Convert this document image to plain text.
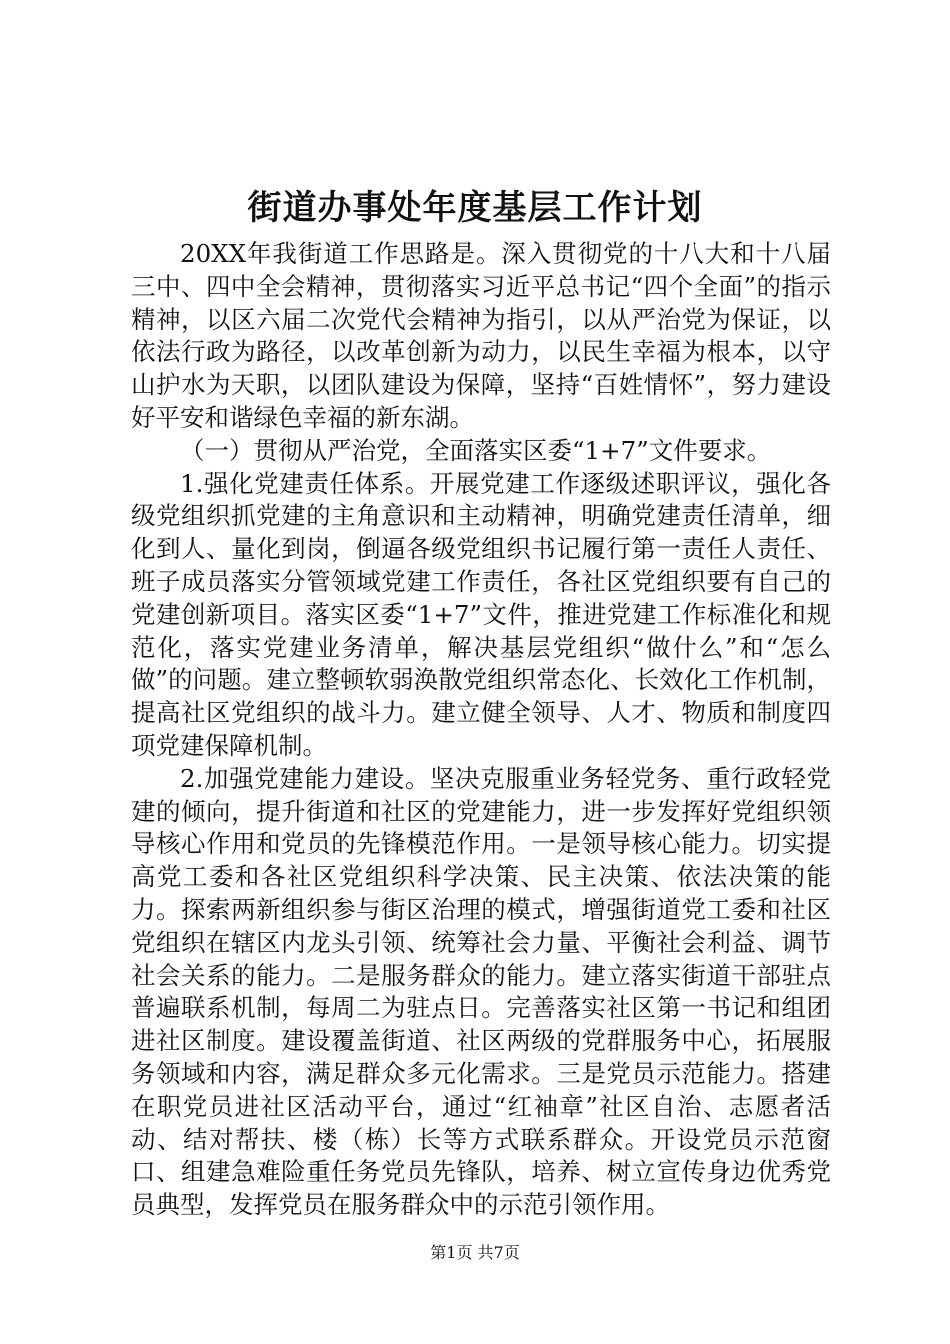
街道办事处年度基层工作计划

20XX年我街道工作思路是。深入贯彻党的十八大和十八届三中、四中全会精神，贯彻落实习近平总书记“四个全面”的指示精神，以区六届二次党代会精神为指引，以从严治党为保证，以依法行政为路径，以改革创新为动力，以民生幸福为根本，以守山护水为天职，以团队建设为保障，坚持“百姓情怀”，努力建设好平安和谐绿色幸福的新东湖。

（一）贯彻从严治党，全面落实区委“1+7”文件要求。

1.强化党建责任体系。开展党建工作逐级述职评议，强化各级党组织抓党建的主角意识和主动精神，明确党建责任清单，细化到人、量化到岗，倒逼各级党组织书记履行第一责任人责任、班子成员落实分管领域党建工作责任，各社区党组织要有自己的党建创新项目。落实区委“1+7”文件，推进党建工作标准化和规范化，落实党建业务清单，解决基层党组织“做什么”和“怎么做”的问题。建立整顿软弱涣散党组织常态化、长效化工作机制，提高社区党组织的战斗力。建立健全领导、人才、物质和制度四项党建保障机制。

2.加强党建能力建设。坚决克服重业务轻党务、重行政轻党建的倾向，提升街道和社区的党建能力，进一步发挥好党组织领导核心作用和党员的先锋模范作用。一是领导核心能力。切实提高党工委和各社区党组织科学决策、民主决策、依法决策的能力。探索两新组织参与街区治理的模式，增强街道党工委和社区党组织在辖区内龙头引领、统筹社会力量、平衡社会利益、调节社会关系的能力。二是服务群众的能力。建立落实街道干部驻点普遍联系机制，每周二为驻点日。完善落实社区第一书记和组团进社区制度。建设覆盖街道、社区两级的党群服务中心，拓展服务领域和内容，满足群众多元化需求。三是党员示范能力。搭建在职党员进社区活动平台，通过“红袖章”社区自治、志愿者活动、结对帮扶、楼（栋）长等方式联系群众。开设党员示范窗口、组建急难险重任务党员先锋队，培养、树立宣传身边优秀党员典型，发挥党员在服务群众中的示范引领作用。

第1页 共7页
